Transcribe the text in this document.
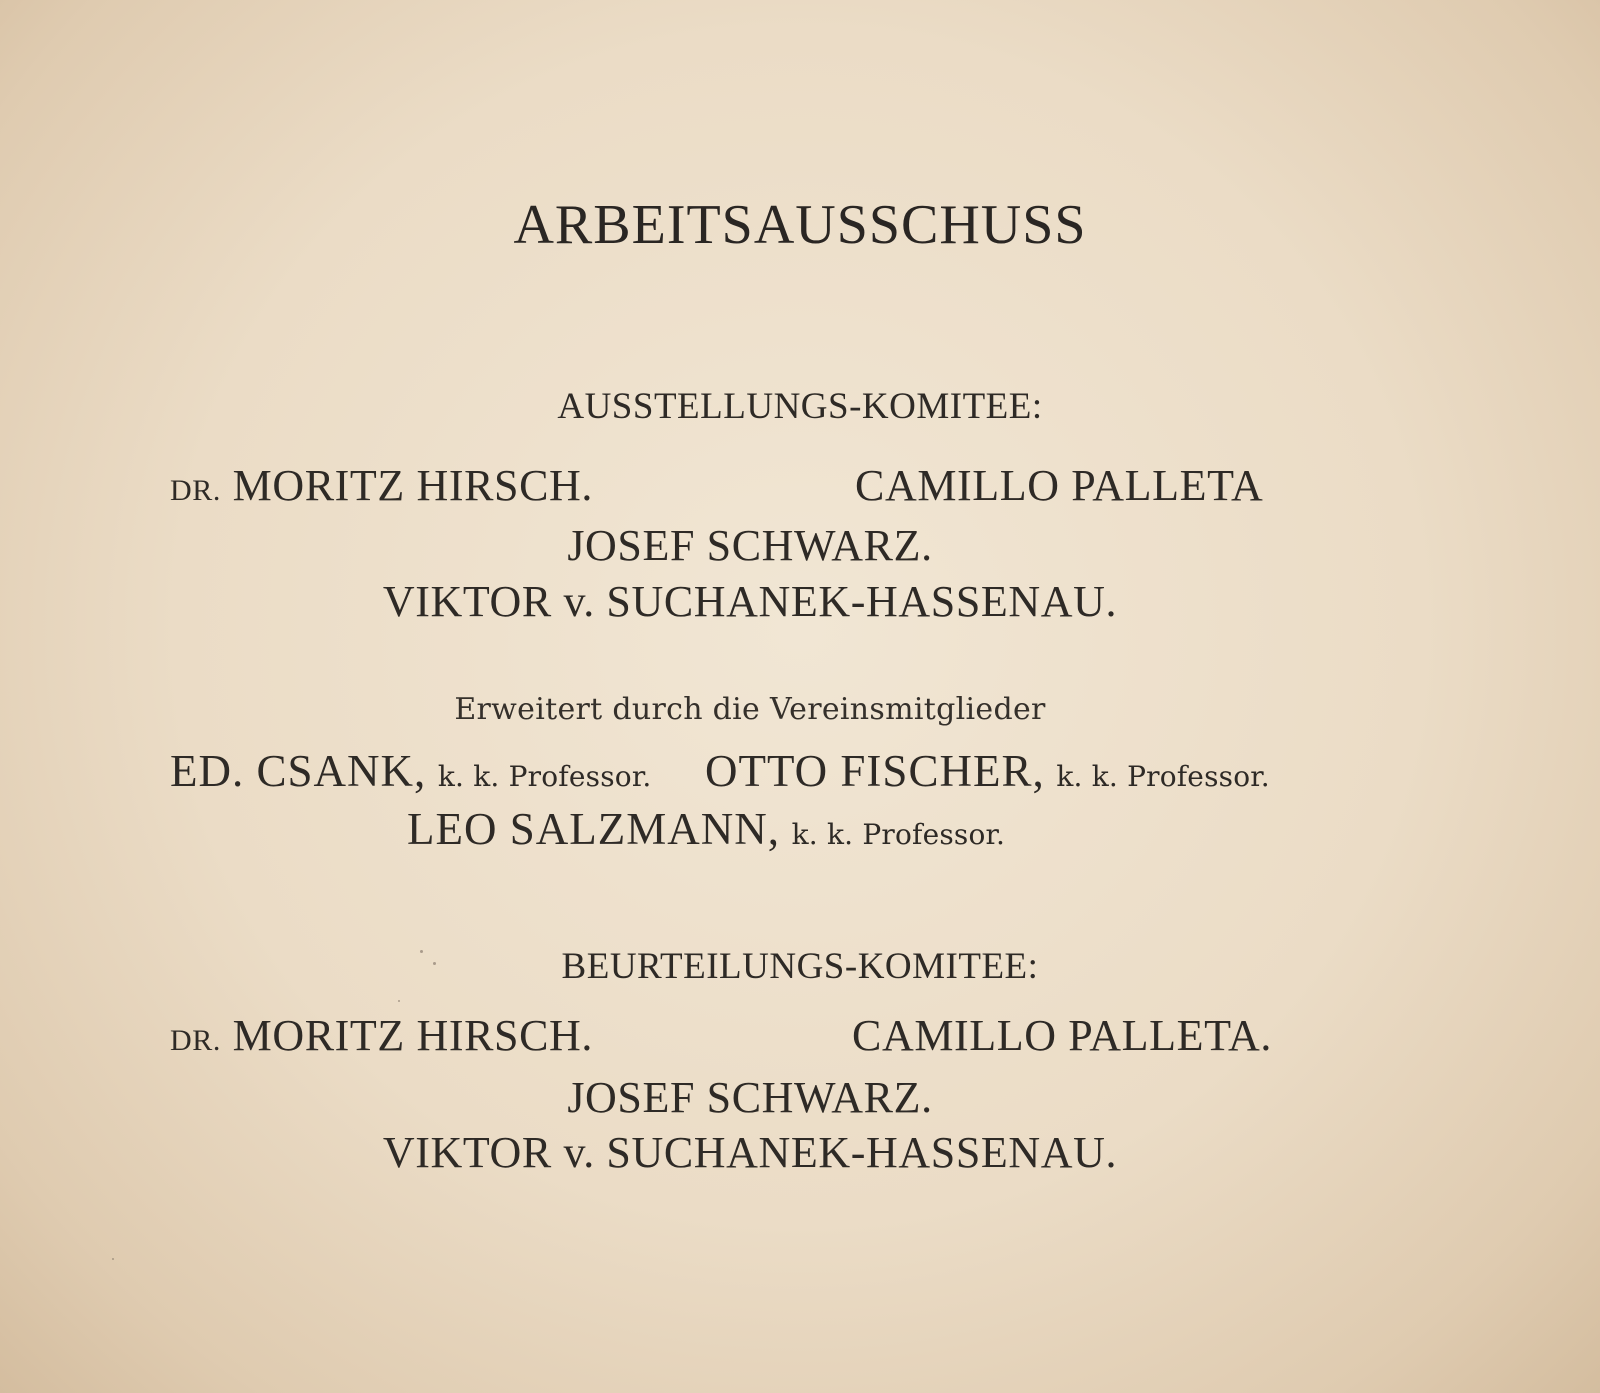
ARBEITSAUSSCHUSS
AUSSTELLUNGS-KOMITEE:
DR. MORITZ HIRSCH.	CAMILLO PALLETA
JOSEF SCHWARZ.
VIKTOR v. SUCHANEK-HASSENAU.
Erweitert durch die Vereinsmitglieder
ED. CSANK, k. k. Professor. OTTO FISCHER, k. k. Professor.
LEO SALZMANN, k. k. Professor.
BEURTEILUNGS-KOMITEE:
DR. MORITZ HIRSCH.	CAMILLO PALLETA.
JOSEF SCHWARZ.
VIKTOR v. SUCHANEK-HASSENAU.
